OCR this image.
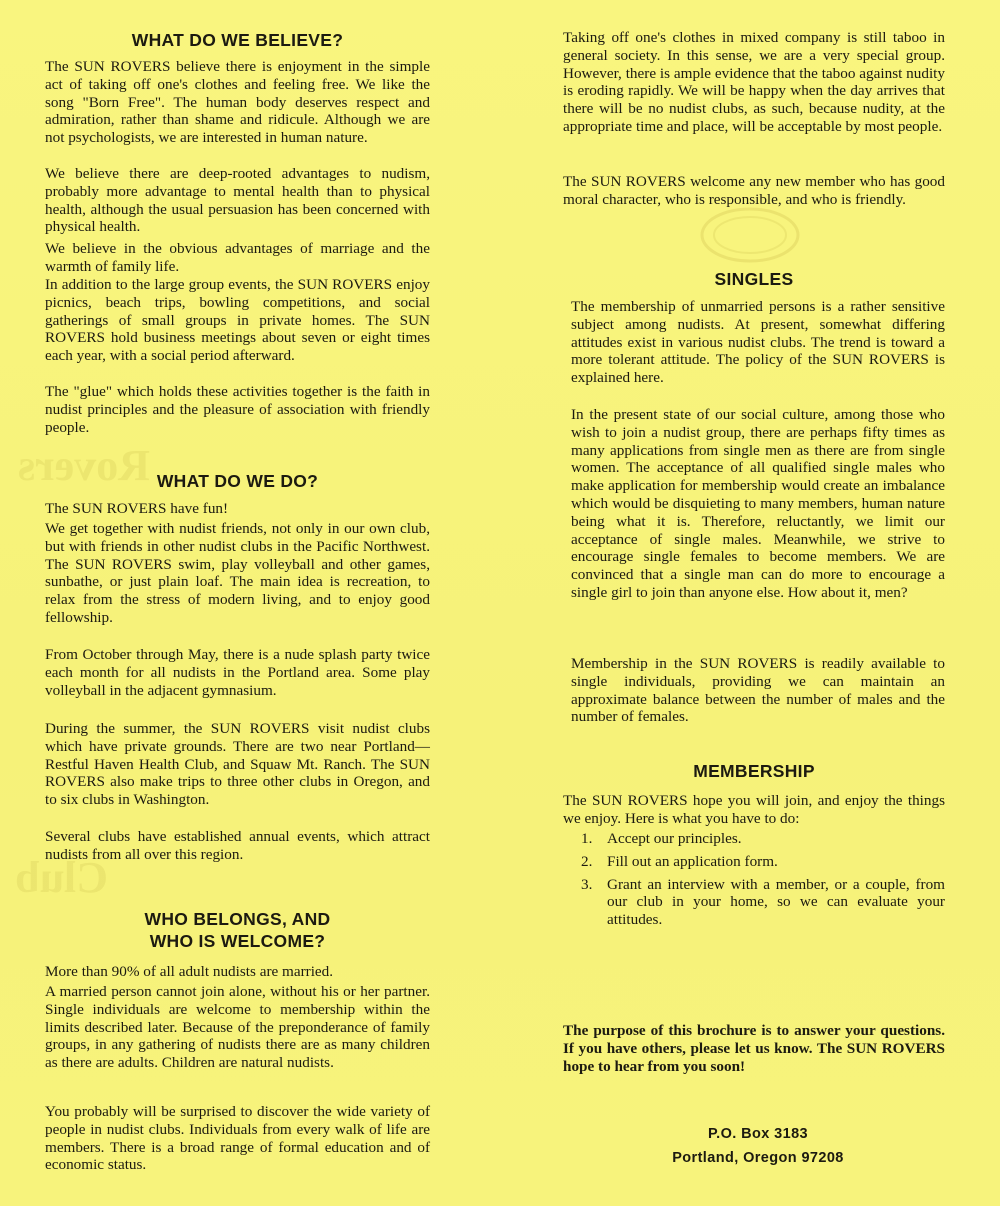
Rovers
Club
WHAT DO WE BELIEVE?

The SUN ROVERS believe there is enjoyment in the simple act of taking off one's clothes and feeling free. We like the song "Born Free". The human body deserves respect and admiration, rather than shame and ridicule. Although we are not psychologists, we are interested in human nature.

We believe there are deep-rooted advantages to nudism, probably more advantage to mental health than to physical health, although the usual persuasion has been concerned with physical health.

We believe in the obvious advantages of marriage and the warmth of family life.

In addition to the large group events, the SUN ROVERS enjoy picnics, beach trips, bowling competitions, and social gatherings of small groups in private homes. The SUN ROVERS hold business meetings about seven or eight times each year, with a social period afterward.

The "glue" which holds these activities together is the faith in nudist principles and the pleasure of association with friendly people.

WHAT DO WE DO?

The SUN ROVERS have fun!

We get together with nudist friends, not only in our own club, but with friends in other nudist clubs in the Pacific Northwest. The SUN ROVERS swim, play volleyball and other games, sunbathe, or just plain loaf. The main idea is recreation, to relax from the stress of modern living, and to enjoy good fellowship.

From October through May, there is a nude splash party twice each month for all nudists in the Portland area. Some play volleyball in the adjacent gymnasium.

During the summer, the SUN ROVERS visit nudist clubs which have private grounds. There are two near Portland—Restful Haven Health Club, and Squaw Mt. Ranch. The SUN ROVERS also make trips to three other clubs in Oregon, and to six clubs in Washington.

Several clubs have established annual events, which attract nudists from all over this region.

WHO BELONGS, AND
WHO IS WELCOME?

More than 90% of all adult nudists are married.

A married person cannot join alone, without his or her partner. Single individuals are welcome to membership within the limits described later. Because of the preponderance of family groups, in any gathering of nudists there are as many children as there are adults. Children are natural nudists.

You probably will be surprised to discover the wide variety of people in nudist clubs. Individuals from every walk of life are members. There is a broad range of formal education and of economic status.

Taking off one's clothes in mixed company is still taboo in general society. In this sense, we are a very special group. However, there is ample evidence that the taboo against nudity is eroding rapidly. We will be happy when the day arrives that there will be no nudist clubs, as such, because nudity, at the appropriate time and place, will be acceptable by most people.

The SUN ROVERS welcome any new member who has good moral character, who is responsible, and who is friendly.

SINGLES

The membership of unmarried persons is a rather sensitive subject among nudists. At present, somewhat differing attitudes exist in various nudist clubs. The trend is toward a more tolerant attitude. The policy of the SUN ROVERS is explained here.

In the present state of our social culture, among those who wish to join a nudist group, there are perhaps fifty times as many applications from single men as there are from single women. The acceptance of all qualified single males who make application for membership would create an imbalance which would be disquieting to many members, human nature being what it is. Therefore, reluctantly, we limit our acceptance of single males. Meanwhile, we strive to encourage single females to become members. We are convinced that a single man can do more to encourage a single girl to join than anyone else. How about it, men?

Membership in the SUN ROVERS is readily available to single individuals, providing we can maintain an approximate balance between the number of males and the number of females.

MEMBERSHIP

The SUN ROVERS hope you will join, and enjoy the things we enjoy. Here is what you have to do:

1. Accept our principles.
2. Fill out an application form.
3. Grant an interview with a member, or a couple, from our club in your home, so we can evaluate your attitudes.

The purpose of this brochure is to answer your questions. If you have others, please let us know. The SUN ROVERS hope to hear from you soon!

P.O. Box 3183
Portland, Oregon 97208
